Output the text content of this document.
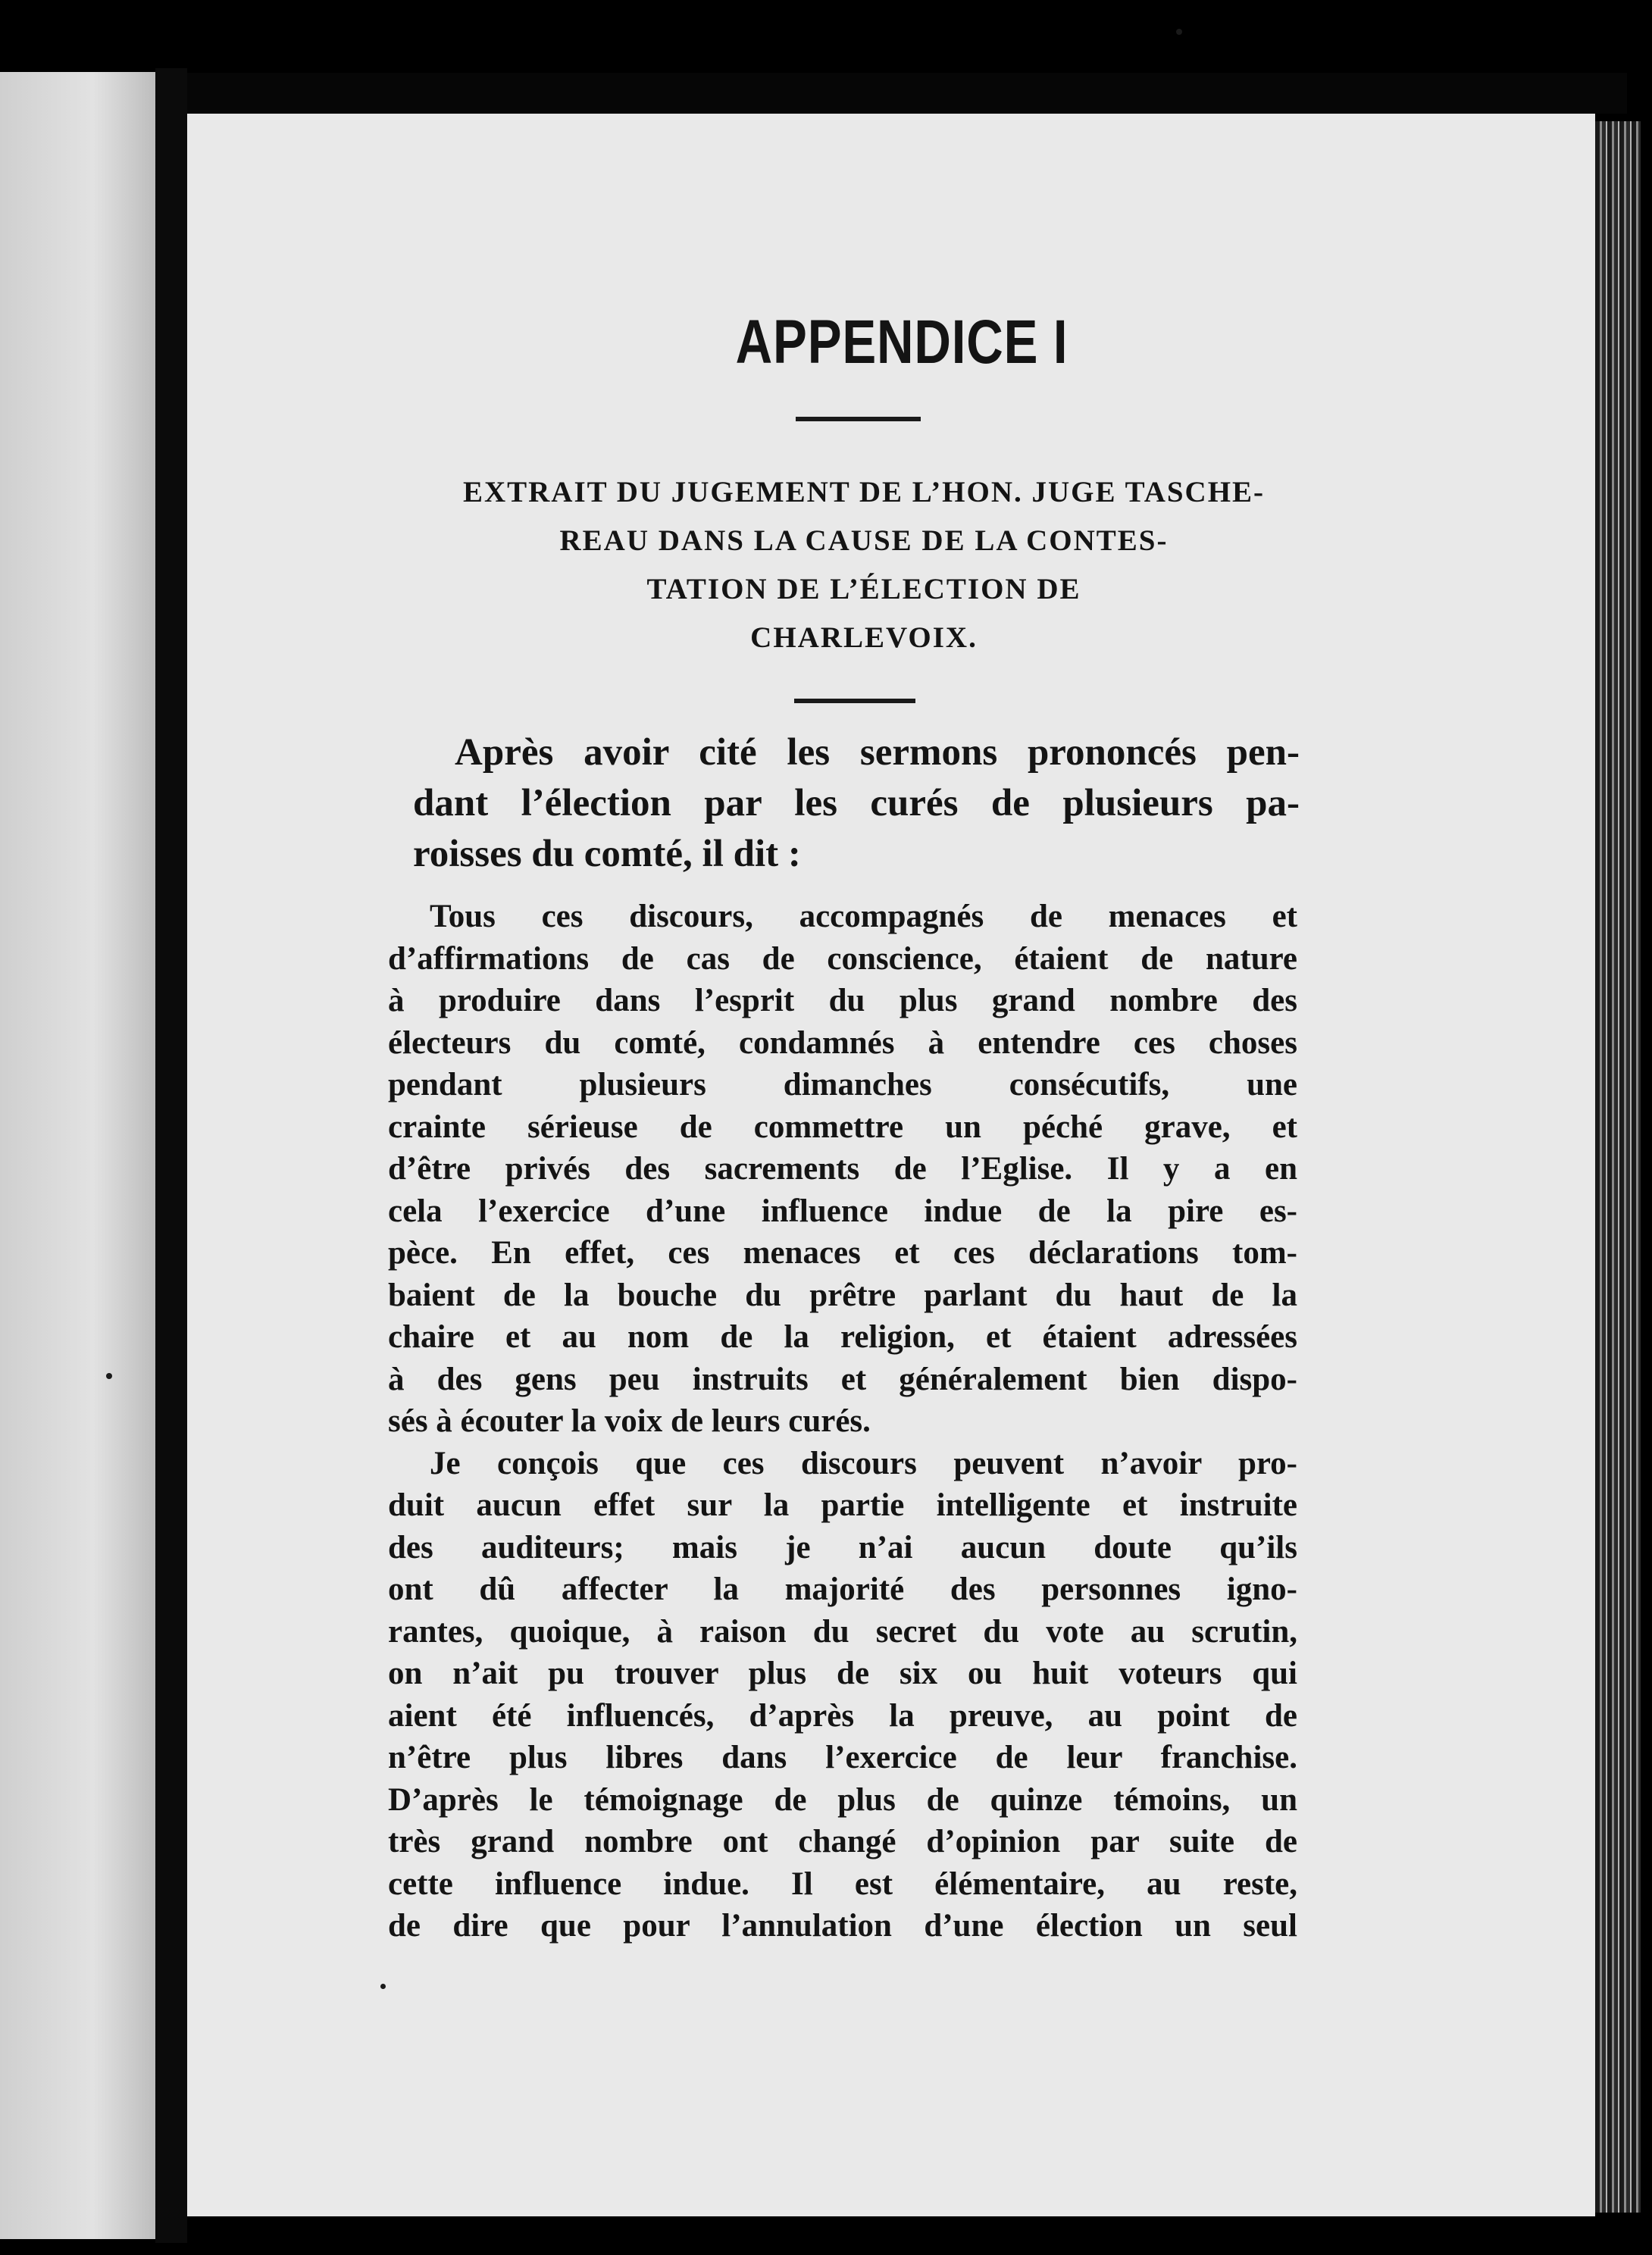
APPENDICE I
EXTRAIT DU JUGEMENT DE L’HON. JUGE TASCHE-
REAU DANS LA CAUSE DE LA CONTES-
TATION DE L’ÉLECTION DE
CHARLEVOIX.
Après avoir cité les sermons prononcés pen-
dant l’élection par les curés de plusieurs pa-
roisses du comté, il dit :
Tous ces discours, accompagnés de menaces et
d’affirmations de cas de conscience, étaient de nature
à produire dans l’esprit du plus grand nombre des
électeurs du comté, condamnés à entendre ces choses
pendant plusieurs dimanches consécutifs, une
crainte sérieuse de commettre un péché grave, et
d’être privés des sacrements de l’Eglise. Il y a en
cela l’exercice d’une influence indue de la pire es-
pèce. En effet, ces menaces et ces déclarations tom-
baient de la bouche du prêtre parlant du haut de la
chaire et au nom de la religion, et étaient adressées
à des gens peu instruits et généralement bien dispo-
sés à écouter la voix de leurs curés.
Je conçois que ces discours peuvent n’avoir pro-
duit aucun effet sur la partie intelligente et instruite
des auditeurs; mais je n’ai aucun doute qu’ils
ont dû affecter la majorité des personnes igno-
rantes, quoique, à raison du secret du vote au scrutin,
on n’ait pu trouver plus de six ou huit voteurs qui
aient été influencés, d’après la preuve, au point de
n’être plus libres dans l’exercice de leur franchise.
D’après le témoignage de plus de quinze témoins, un
très grand nombre ont changé d’opinion par suite de
cette influence indue. Il est élémentaire, au reste,
de dire que pour l’annulation d’une élection un seul
